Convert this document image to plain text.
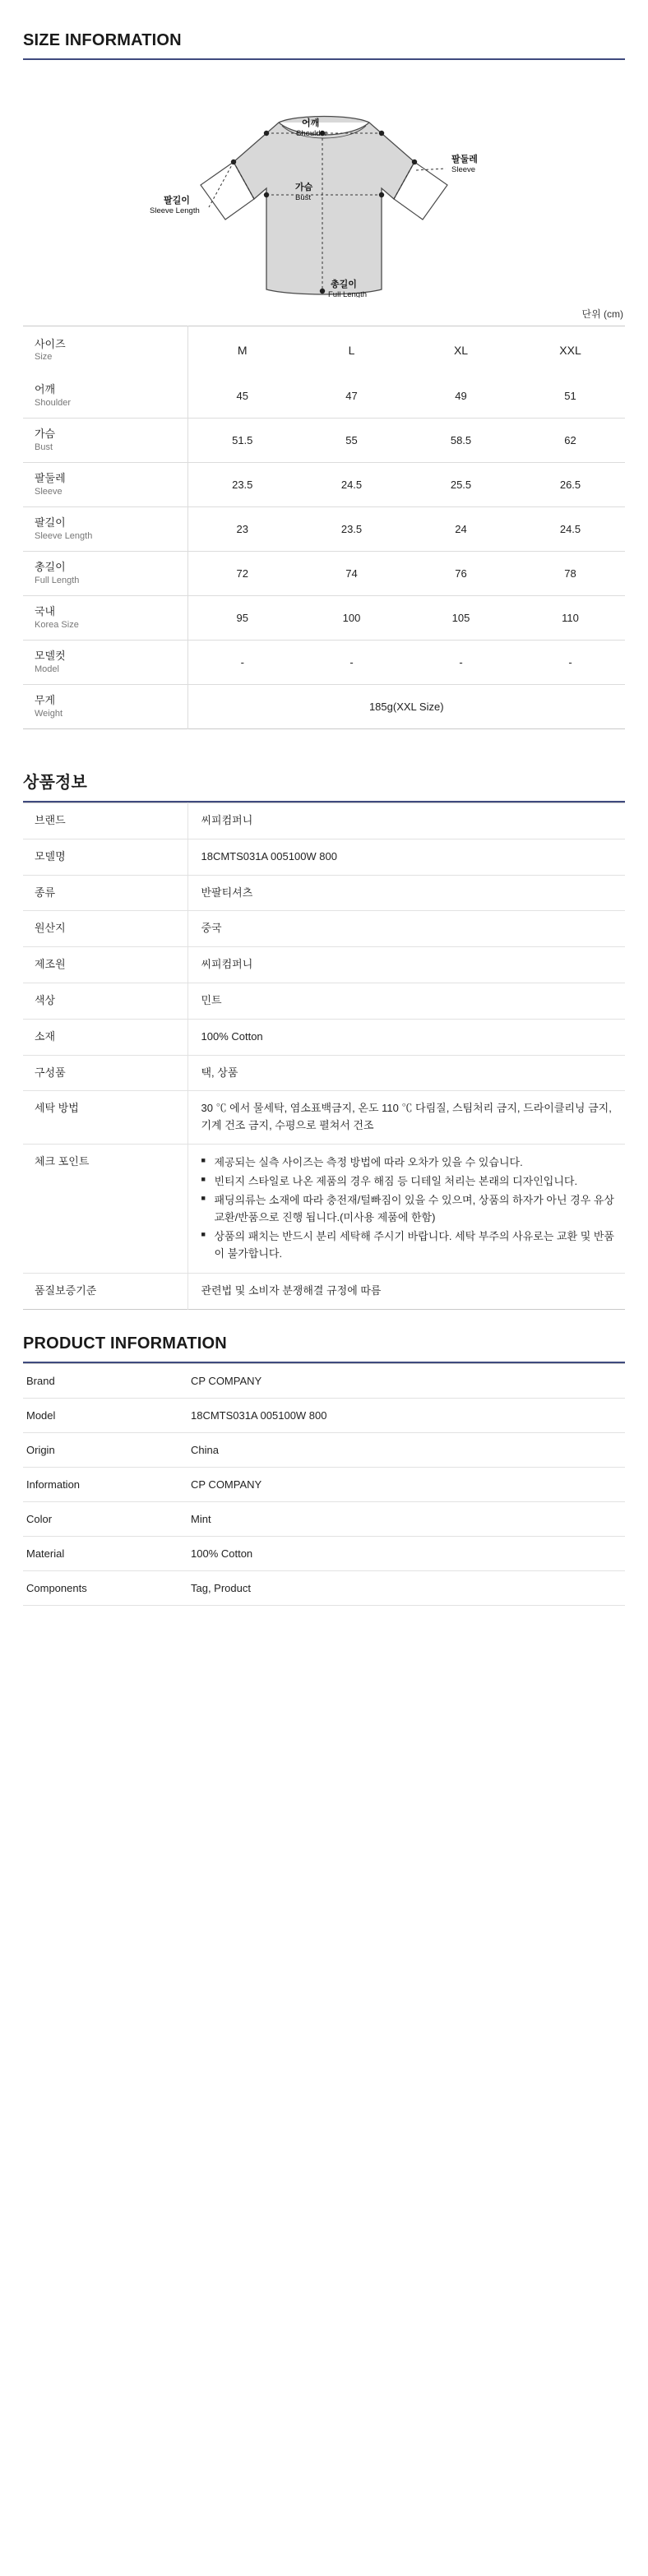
SIZE INFORMATION
어깨
Shoulder
팔둘레
Sleeve
가슴
Bust
팔길이
Sleeve Length
총길이
Full Length
단위 (cm)
사이즈
Size	M	L	XL	XXL

어깨
Shoulder	45	47	49	51

가슴
Bust	51.5	55	58.5	62

팔둘레
Sleeve	23.5	24.5	25.5	26.5

팔길이
Sleeve Length	23	23.5	24	24.5

총길이
Full Length	72	74	76	78

국내
Korea Size	95	100	105	110

모델컷
Model	-	-	-	-

무게
Weight	185g(XXL Size)			
상품정보
브랜드	씨피컴퍼니
모델명	18CMTS031A 005100W 800
종류	반팔티셔츠
원산지	중국
제조원	씨피컴퍼니
색상	민트
소재	100% Cotton
구성품	택, 상품
세탁 방법	30 ℃ 에서 물세탁, 염소표백금지, 온도 110 ℃ 다림질, 스팀처리 금지, 드라이클리닝 금지, 기계 건조 금지, 수평으로 펼쳐서 건조
체크 포인트	
■제공되는 실측 사이즈는 측정 방법에 따라 오차가 있을 수 있습니다.
■ 빈티지 스타일로 나온 제품의 경우 해짐 등 디테일 처리는 본래의 디자인입니다.
■ 패딩의류는 소재에 따라 충전재/털빠짐이 있을 수 있으며, 상품의 하자가 아닌 경우 유상 교환/반품으로 진행 됩니다.(미사용 제품에 한함)
■ 상품의 패치는 반드시 분리 세탁해 주시기 바랍니다. 세탁 부주의 사유로는 교환 및 반품이 불가합니다.

품질보증기준	관련법 및 소비자 분쟁해결 규정에 따름
PRODUCT INFORMATION
Brand	CP COMPANY
Model	18CMTS031A 005100W 800
Origin	China
Information	CP COMPANY
Color	Mint
Material	100% Cotton
Components	Tag, Product
